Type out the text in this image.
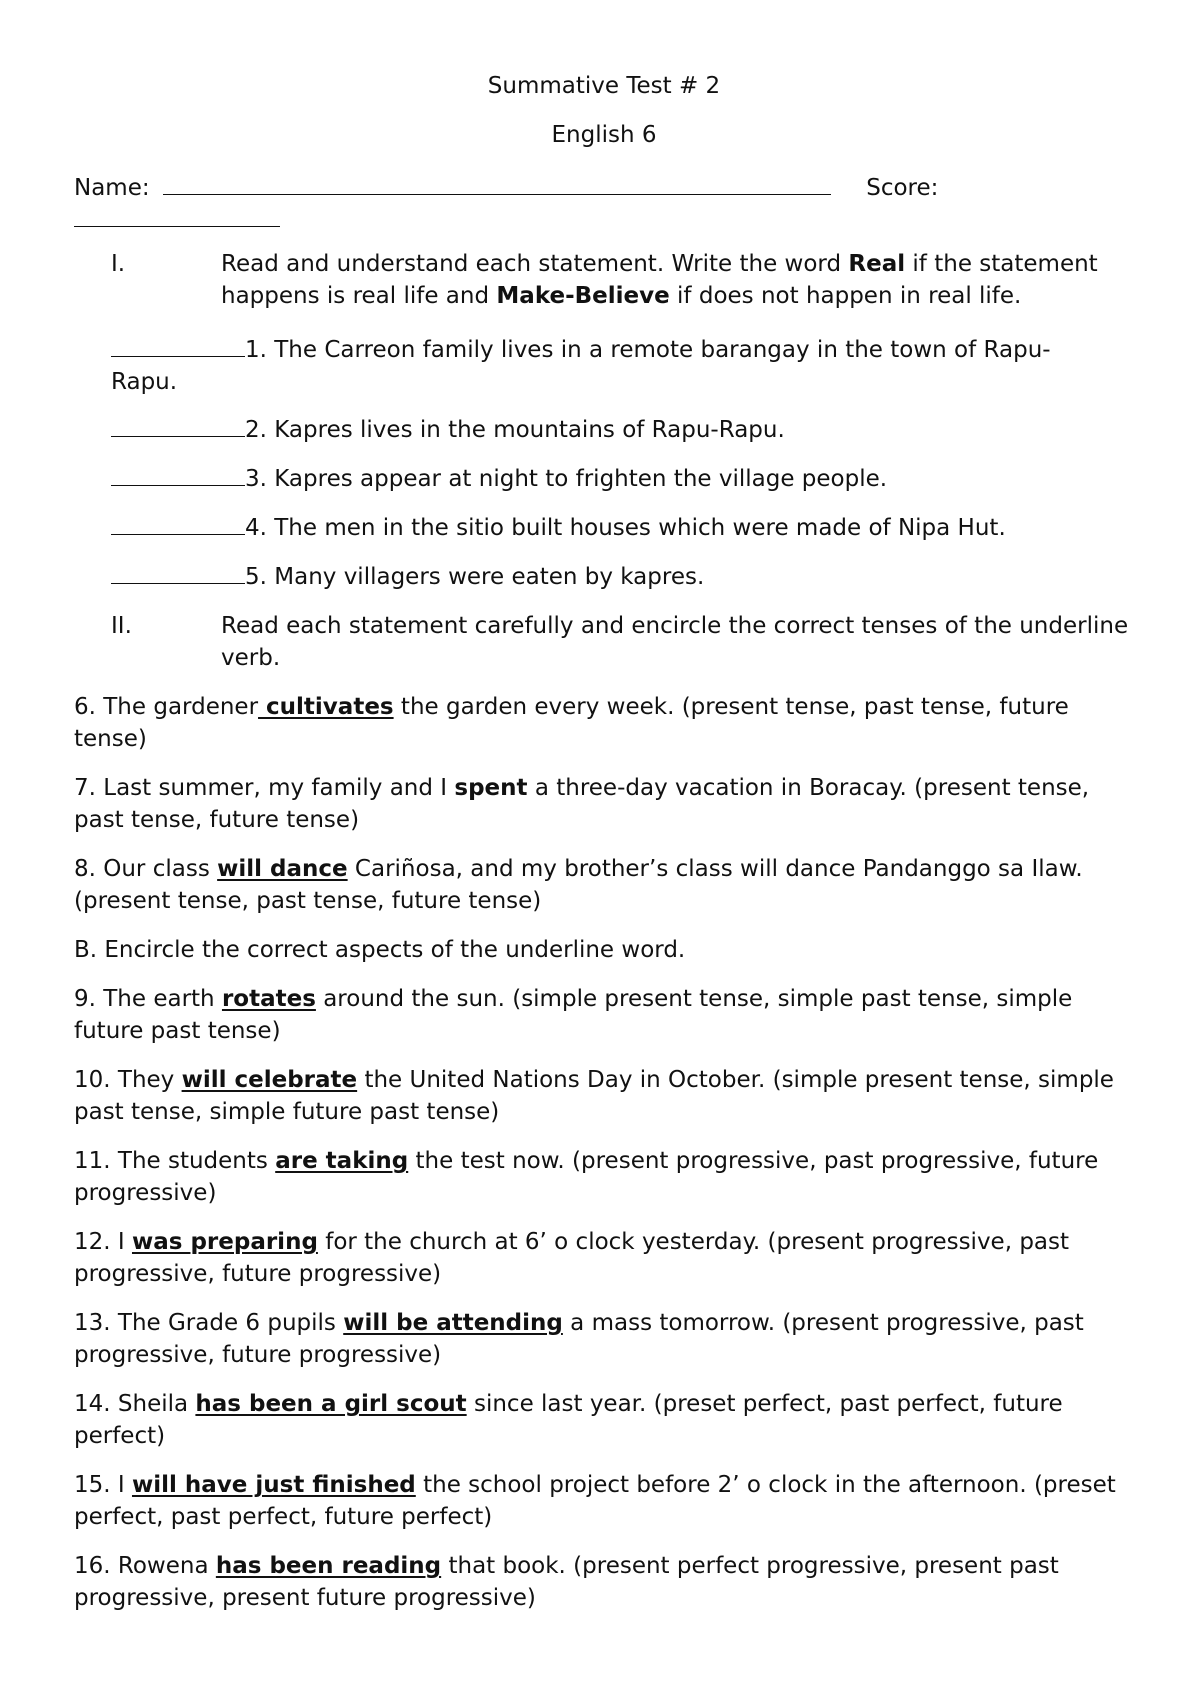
Summative Test # 2

English 6

Name:	Score:
I.	Read and understand each statement. Write the word Real if the statement happens is real life and Make-Believe if does not happen in real life.
1. The Carreon family lives in a remote barangay in the town of Rapu-
Rapu.
2. Kapres lives in the mountains of Rapu-Rapu.
3. Kapres appear at night to frighten the village people.
4. The men in the sitio built houses which were made of Nipa Hut.
5. Many villagers were eaten by kapres.
II.	Read each statement carefully and encircle the correct tenses of the underline verb.
6. The gardener cultivates the garden every week. (present tense, past tense, future tense)
7. Last summer, my family and I spent a three-day vacation in Boracay. (present tense, past tense, future tense)
8. Our class will dance Cariñosa, and my brother’s class will dance Pandanggo sa Ilaw. (present tense, past tense, future tense)
B. Encircle the correct aspects of the underline word.
9. The earth rotates around the sun. (simple present tense, simple past tense, simple future past tense)
10. They will celebrate the United Nations Day in October. (simple present tense, simple past tense, simple future past tense)
11. The students are taking the test now. (present progressive, past progressive, future progressive)
12. I was preparing for the church at 6’ o clock yesterday. (present progressive, past progressive, future progressive)
13. The Grade 6 pupils will be attending a mass tomorrow. (present progressive, past progressive, future progressive)
14. Sheila has been a girl scout since last year. (preset perfect, past perfect, future perfect)
15. I will have just finished the school project before 2’ o clock in the afternoon. (preset perfect, past perfect, future perfect)
16. Rowena has been reading that book. (present perfect progressive, present past progressive, present future progressive)
